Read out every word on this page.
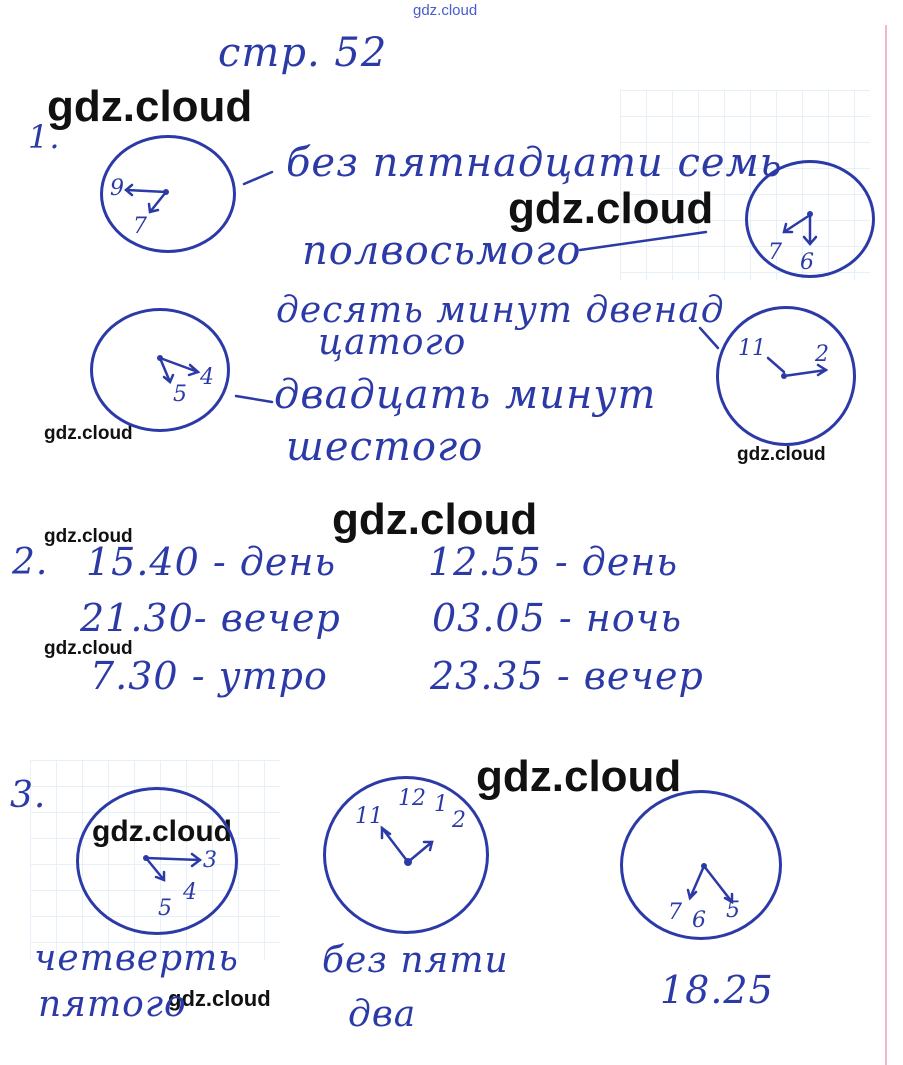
gdz.cloud
gdz.cloud
gdz.cloud
gdz.cloud
gdz.cloud
gdz.cloud
gdz.cloud
gdz.cloud
gdz.cloud
gdz.cloud
gdz.cloud
стр. 52
1.
9
7
7 6
4
5
11 2
без пятнадцати семь
полвосьмого
десять минут двенад
цатого
двадцать минут
шестого
2. 15.40 - день
21.30- вечер
7.30 - утро
12.55 - день
03.05 - ночь
23.35 - вечер
3.
3
4
5
11
12 1
2
7 6 5
четверть
пятого
без пяти
два
18.25
